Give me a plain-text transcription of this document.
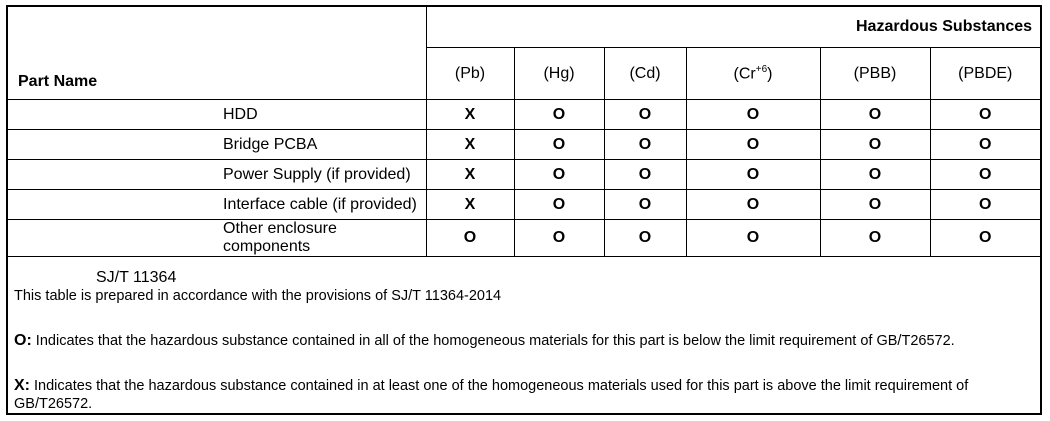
Part Name	Hazardous Substances					
	(Pb)	(Hg)	(Cd)	$(Cr^{+6})$	(PBB)	(PBDE)
HDD	X	O	O	O	O	O
Bridge PCBA	X	O	O	O	O	O
Power Supply (if provided)	X	O	O	O	O	O
Interface cable (if provided)	X	O	O	O	O	O
Other enclosure components	O	O	O	O	O	O
SJ/T 11364
This table is prepared in accordance with the provisions of SJ/T 11364-2014
O: Indicates that the hazardous substance contained in all of the homogeneous materials for this part is below the limit requirement of GB/T26572.
X: Indicates that the hazardous substance contained in at least one of the homogeneous materials used for this part is above the limit requirement of GB/T26572.
